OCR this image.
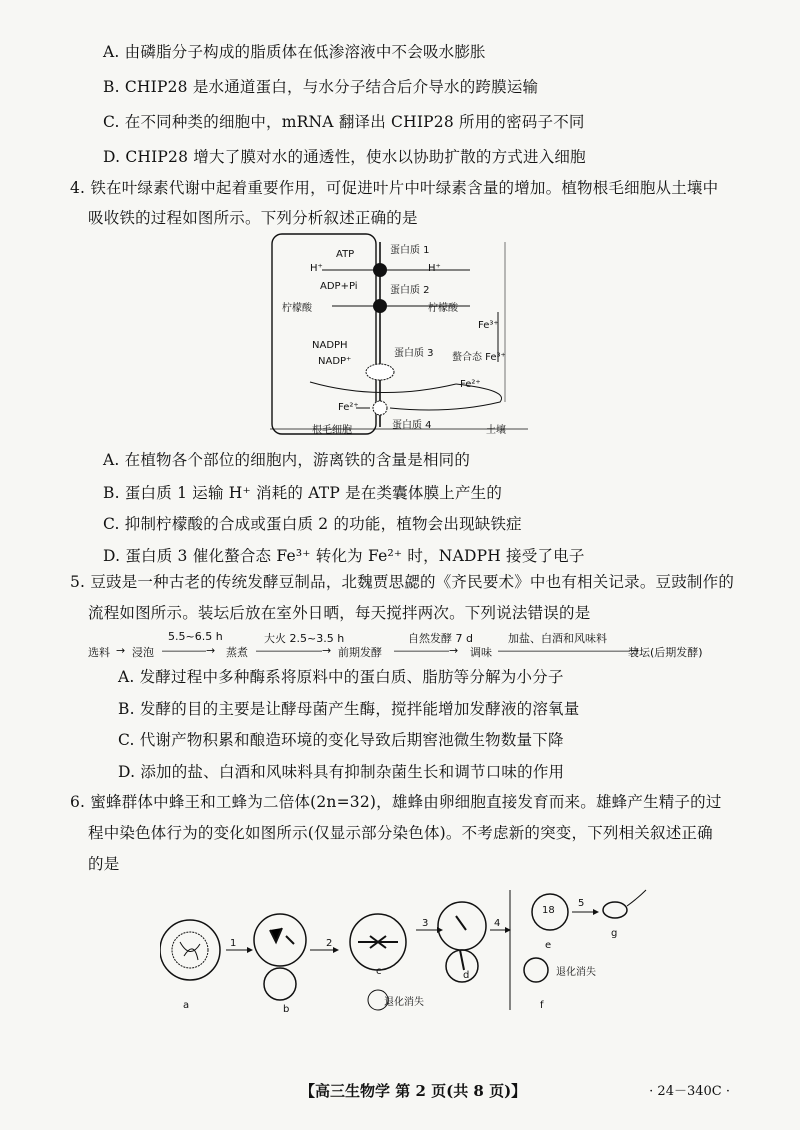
A. 由磷脂分子构成的脂质体在低渗溶液中不会吸水膨胀
B. CHIP28 是水通道蛋白，与水分子结合后介导水的跨膜运输
C. 在不同种类的细胞中，mRNA 翻译出 CHIP28 所用的密码子不同
D. CHIP28 增大了膜对水的通透性，使水以协助扩散的方式进入细胞
4. 铁在叶绿素代谢中起着重要作用，可促进叶片中叶绿素含量的增加。植物根毛细胞从土壤中
吸收铁的过程如图所示。下列分析叙述正确的是
ATP
H⁺
ADP+Pi
蛋白质 1
H⁺
蛋白质 2
柠檬酸	柠檬酸
Fe³⁺
NADPH
NADP⁺
蛋白质 3 螯合态 Fe³⁺
Fe²⁺
Fe²⁺
蛋白质 4
根毛细胞	土壤
A. 在植物各个部位的细胞内，游离铁的含量是相同的
B. 蛋白质 1 运输 H⁺ 消耗的 ATP 是在类囊体膜上产生的
C. 抑制柠檬酸的合成或蛋白质 2 的功能，植物会出现缺铁症
D. 蛋白质 3 催化螯合态 Fe³⁺ 转化为 Fe²⁺ 时，NADPH 接受了电子
5. 豆豉是一种古老的传统发酵豆制品，北魏贾思勰的《齐民要术》中也有相关记录。豆豉制作的
流程如图所示。装坛后放在室外日晒，每天搅拌两次。下列说法错误的是
选料 → 浸泡
5.5~6.5 h
――――→ 蒸煮
大火 2.5~3.5 h
――――――→ 前期发酵
自然发酵 7 d
―――――→ 调味
加盐、白酒和风味料
――――――――――――→
装坛(后期发酵)
A. 发酵过程中多种酶系将原料中的蛋白质、脂肪等分解为小分子
B. 发酵的目的主要是让酵母菌产生酶，搅拌能增加发酵液的溶氧量
C. 代谢产物积累和酿造环境的变化导致后期窖池微生物数量下降
D. 添加的盐、白酒和风味料具有抑制杂菌生长和调节口味的作用
6. 蜜蜂群体中蜂王和工蜂为二倍体(2n=32)，雄蜂由卵细胞直接发育而来。雄蜂产生精子的过
程中染色体行为的变化如图所示(仅显示部分染色体)。不考虑新的突变，下列相关叙述正确
的是
a	b
c	d
e
f
g
1	2
3	4
5
18
退化消失
退化消失
【高三生物学 第 2 页(共 8 页)】	· 24－340C ·
